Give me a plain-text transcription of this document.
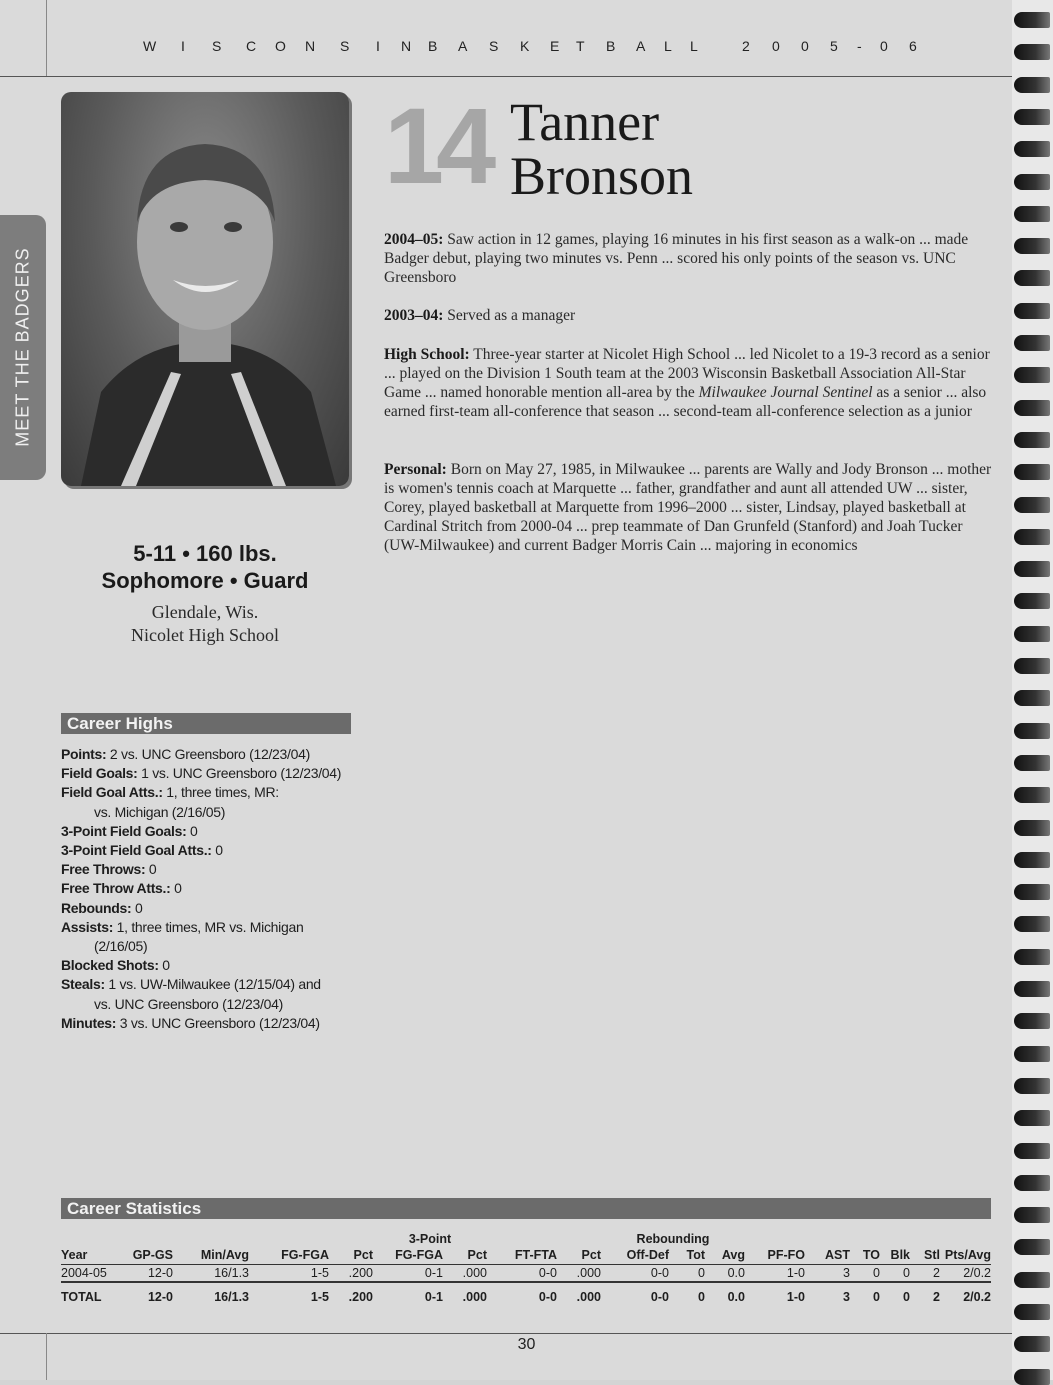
W I S C O N S I N B A S K E T B A L L	2 0 0 5 - 0 6
MEET THE BADGERS
14 Tanner
Bronson
2004–05: Saw action in 12 games, playing 16 minutes in his first season as a walk-on ... made Badger debut, playing two minutes vs. Penn ... scored his only points of the season vs. UNC Greensboro
2003–04: Served as a manager
High School: Three-year starter at Nicolet High School ... led Nicolet to a 19-3 record as a senior ... played on the Division 1 South team at the 2003 Wisconsin Basketball Association All-Star Game ... named honorable mention all-area by the Milwaukee Journal Sentinel as a senior ... also earned first-team all-conference that season ... second-team all-conference selection as a junior
Personal: Born on May 27, 1985, in Milwaukee ... parents are Wally and Jody Bronson ... mother is women's tennis coach at Marquette ... father, grandfather and aunt all attended UW ... sister, Corey, played basketball at Marquette from 1996–2000 ... sister, Lindsay, played basketball at Cardinal Stritch from 2000-04 ... prep teammate of Dan Grunfeld (Stanford) and Joah Tucker (UW-Milwaukee) and current Badger Morris Cain ... majoring in economics
5-11 • 160 lbs.
Sophomore • Guard
Glendale, Wis.
Nicolet High School
Career Highs
Points: 2 vs. UNC Greensboro (12/23/04)
Field Goals: 1 vs. UNC Greensboro (12/23/04)
Field Goal Atts.: 1, three times, MR:
vs. Michigan (2/16/05)
3-Point Field Goals: 0
3-Point Field Goal Atts.: 0
Free Throws: 0
Free Throw Atts.: 0
Rebounds: 0
Assists: 1, three times, MR vs. Michigan
(2/16/05)
Blocked Shots: 0
Steals: 1 vs. UW-Milwaukee (12/15/04) and
vs. UNC Greensboro (12/23/04)
Minutes: 3 vs. UNC Greensboro (12/23/04)
Career Statistics
					3-Point				Rebounding								
Year	GP-GS	Min/Avg	FG-FGA	Pct	FG-FGA	Pct	FT-FTA	Pct	Off-Def	Tot	Avg	PF-FO	AST	TO	Blk	Stl	Pts/Avg
2004-05	12-0	16/1.3	1-5	.200	0-1	.000	0-0	.000	0-0	0	0.0	1-0	3	0	0	2	2/0.2
TOTAL	12-0	16/1.3	1-5	.200	0-1	.000	0-0	.000	0-0	0	0.0	1-0	3	0	0	2	2/0.2
30
